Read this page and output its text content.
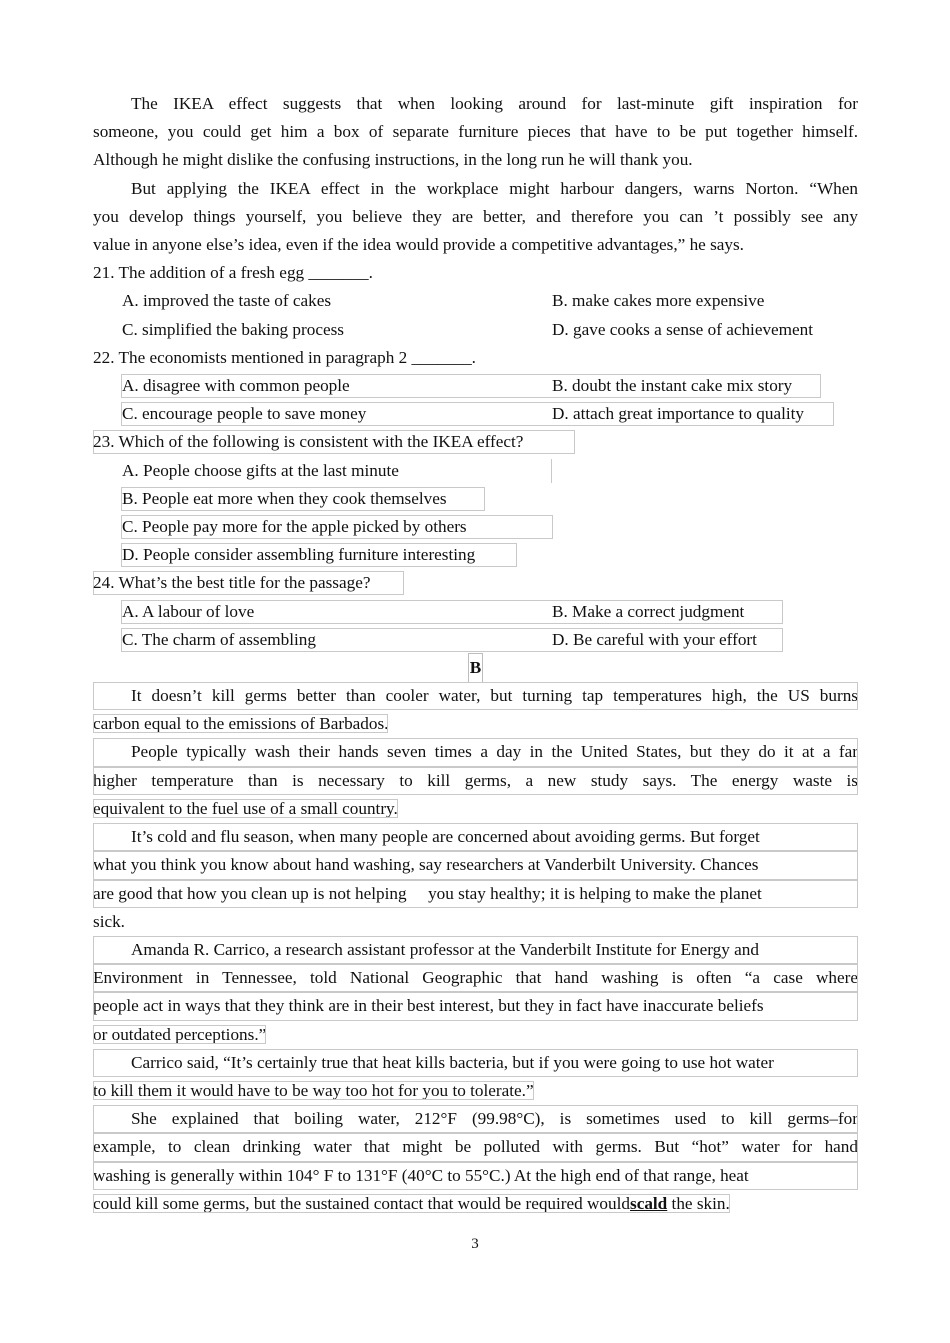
The IKEA effect suggests that when looking around for last-minute gift inspiration for
someone, you could get him a box of separate furniture pieces that have to be put together himself.
Although he might dislike the confusing instructions, in the long run he will thank you.
But applying the IKEA effect in the workplace might harbour dangers, warns Norton. “When
you develop things yourself, you believe they are better, and therefore you can ’t possibly see any
value in anyone else’s idea, even if the idea would provide a competitive advantages,” he says.
21. The addition of a fresh egg _______.
A. improved the taste of cakes	B. make cakes more expensive
C. simplified the baking process	D. gave cooks a sense of achievement
22. The economists mentioned in paragraph 2 _______.
A. disagree with common people	B. doubt the instant cake mix story
C. encourage people to save money	D. attach great importance to quality
23. Which of the following is consistent with the IKEA effect?
A. People choose gifts at the last minute
B. People eat more when they cook themselves
C. People pay more for the apple picked by others
D. People consider assembling furniture interesting
24. What’s the best title for the passage?
A. A labour of love	B. Make a correct judgment
C. The charm of assembling	D. Be careful with your effort
B
It doesn’t kill germs better than cooler water, but turning tap temperatures high, the US burns
carbon equal to the emissions of Barbados.
People typically wash their hands seven times a day in the United States, but they do it at a far
higher temperature than is necessary to kill germs, a new study says. The energy waste is
equivalent to the fuel use of a small country.
It’s cold and flu season, when many people are concerned about avoiding germs. But forget
what you think you know about hand washing, say researchers at Vanderbilt University. Chances
are good that how you clean up is not helping     you stay healthy; it is helping to make the planet
sick.
Amanda R. Carrico, a research assistant professor at the Vanderbilt Institute for Energy and
Environment in Tennessee, told National Geographic that hand washing is often “a case where
people act in ways that they think are in their best interest, but they in fact have inaccurate beliefs
or outdated perceptions.”
Carrico said, “It’s certainly true that heat kills bacteria, but if you were going to use hot water
to kill them it would have to be way too hot for you to tolerate.”
She explained that boiling water, 212°F (99.98°C), is sometimes used to kill germs–for
example, to clean drinking water that might be polluted with germs. But “hot” water for hand
washing is generally within 104° F to 131°F (40°C to 55°C.) At the high end of that range, heat
could kill some germs, but the sustained contact that would be required wouldscald the skin.
3
